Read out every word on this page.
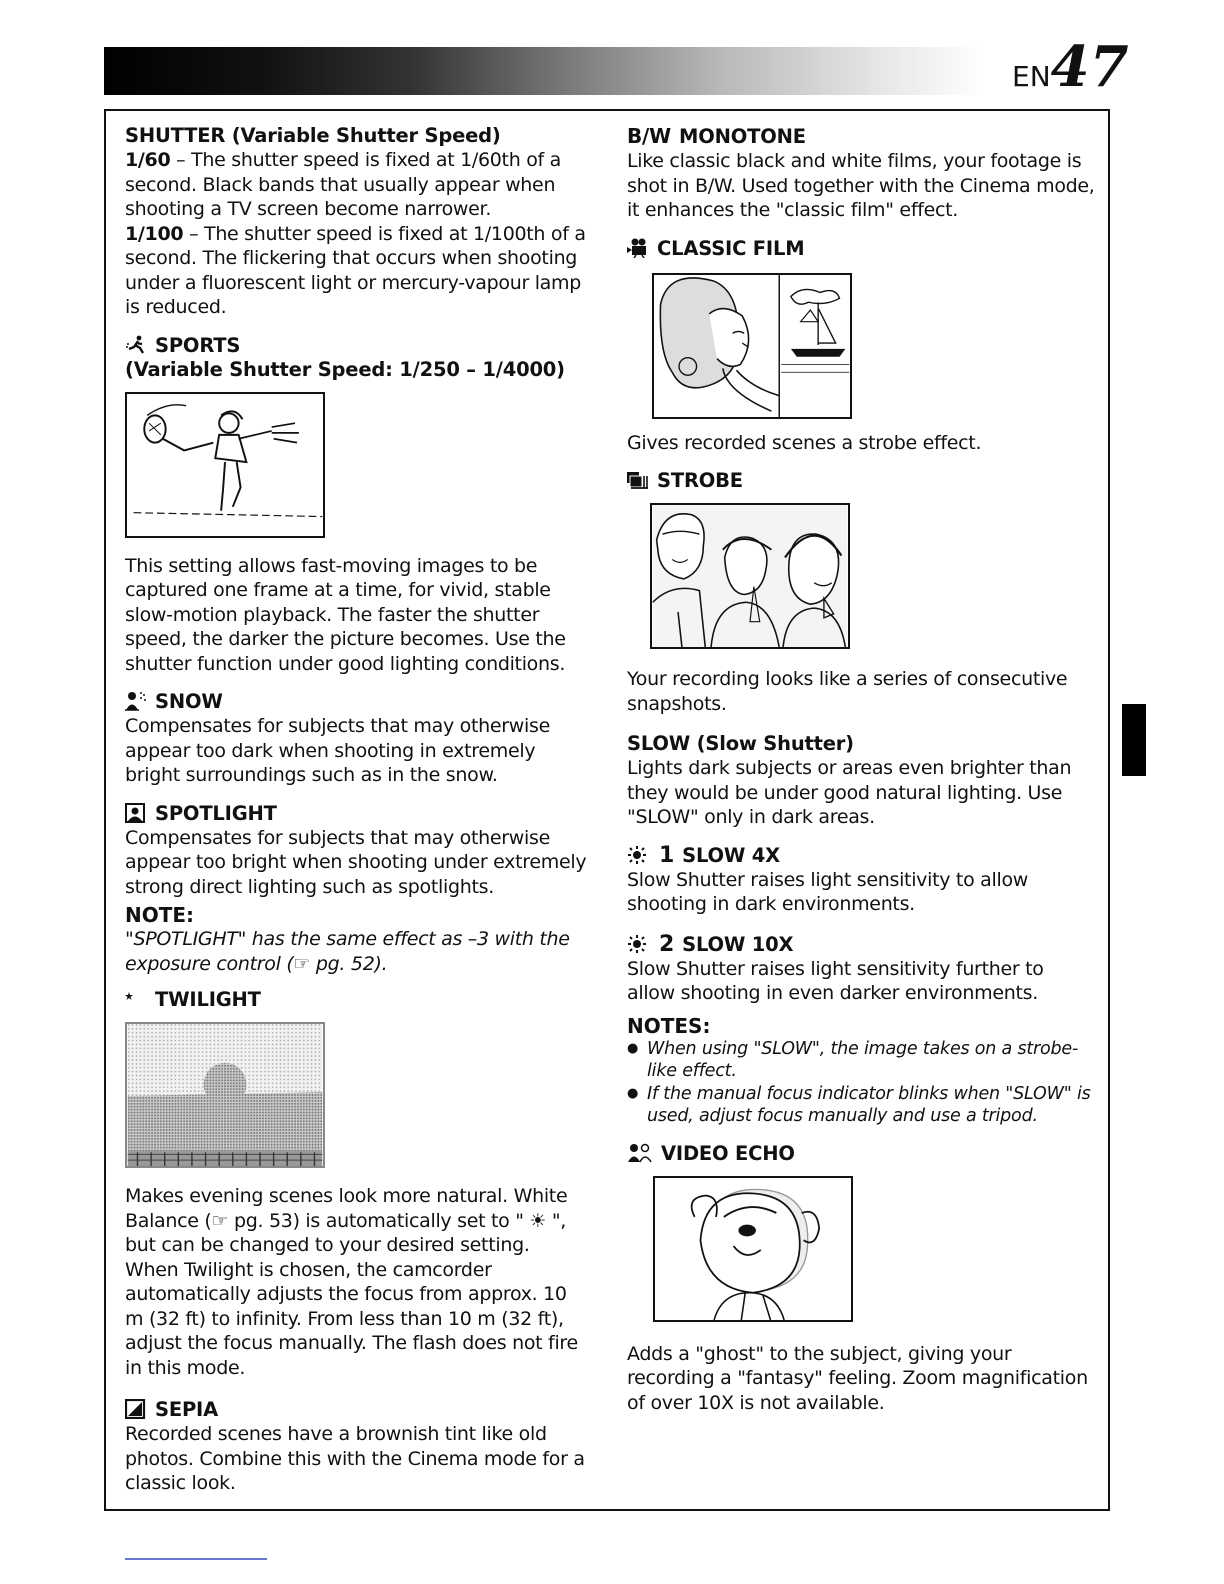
EN47
SHUTTER (Variable Shutter Speed)

1/60 – The shutter speed is fixed at 1/60th of a second. Black bands that usually appear when shooting a TV screen become narrower.

1/100 – The shutter speed is fixed at 1/100th of a second. The flickering that occurs when shooting under a fluorescent light or mercury-vapour lamp is reduced.

SPORTS
(Variable Shutter Speed: 1/250 – 1/4000)

This setting allows fast-moving images to be captured one frame at a time, for vivid, stable slow-motion playback. The faster the shutter speed, the darker the picture becomes. Use the shutter function under good lighting conditions.

SNOW

Compensates for subjects that may otherwise appear too dark when shooting in extremely bright surroundings such as in the snow.

SPOTLIGHT

Compensates for subjects that may otherwise appear too bright when shooting under extremely strong direct lighting such as spotlights.

NOTE:

"SPOTLIGHT" has the same effect as –3 with the exposure control (☞ pg. 52).

TWILIGHT

Makes evening scenes look more natural. White Balance (☞ pg. 53) is automatically set to " ☀ ", but can be changed to your desired setting. When Twilight is chosen, the camcorder automatically adjusts the focus from approx. 10 m (32 ft) to infinity. From less than 10 m (32 ft), adjust the focus manually. The flash does not fire in this mode.

SEPIA

Recorded scenes have a brownish tint like old photos. Combine this with the Cinema mode for a classic look.

B/W MONOTONE

Like classic black and white films, your footage is shot in B/W. Used together with the Cinema mode, it enhances the "classic film" effect.

CLASSIC FILM

Gives recorded scenes a strobe effect.

STROBE

Your recording looks like a series of consecutive snapshots.

SLOW (Slow Shutter)

Lights dark subjects or areas even brighter than they would be under good natural lighting. Use "SLOW" only in dark areas.

1 SLOW 4X

Slow Shutter raises light sensitivity to allow shooting in dark environments.

2 SLOW 10X

Slow Shutter raises light sensitivity further to allow shooting in even darker environments.

NOTES:
● When using "SLOW", the image takes on a strobe-like effect.
● If the manual focus indicator blinks when "SLOW" is used, adjust focus manually and use a tripod.
VIDEO ECHO

Adds a "ghost" to the subject, giving your recording a "fantasy" feeling. Zoom magnification of over 10X is not available.
